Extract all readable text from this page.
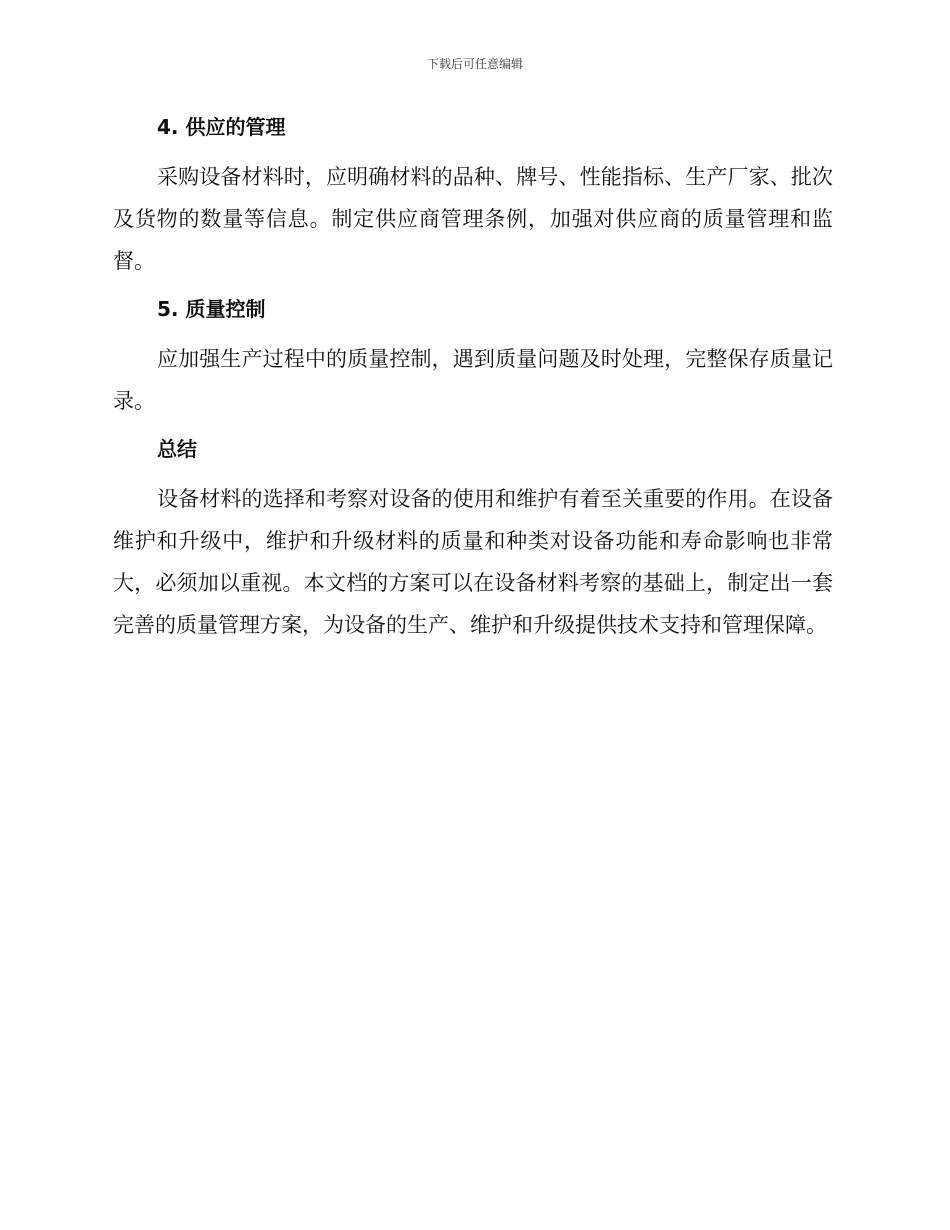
下载后可任意编辑
4. 供应的管理

采购设备材料时，应明确材料的品种、牌号、性能指标、生产厂家、批次及货物的数量等信息。制定供应商管理条例，加强对供应商的质量管理和监督。

5. 质量控制

应加强生产过程中的质量控制，遇到质量问题及时处理，完整保存质量记录。

总结

设备材料的选择和考察对设备的使用和维护有着至关重要的作用。在设备维护和升级中，维护和升级材料的质量和种类对设备功能和寿命影响也非常大，必须加以重视。本文档的方案可以在设备材料考察的基础上，制定出一套完善的质量管理方案，为设备的生产、维护和升级提供技术支持和管理保障。
